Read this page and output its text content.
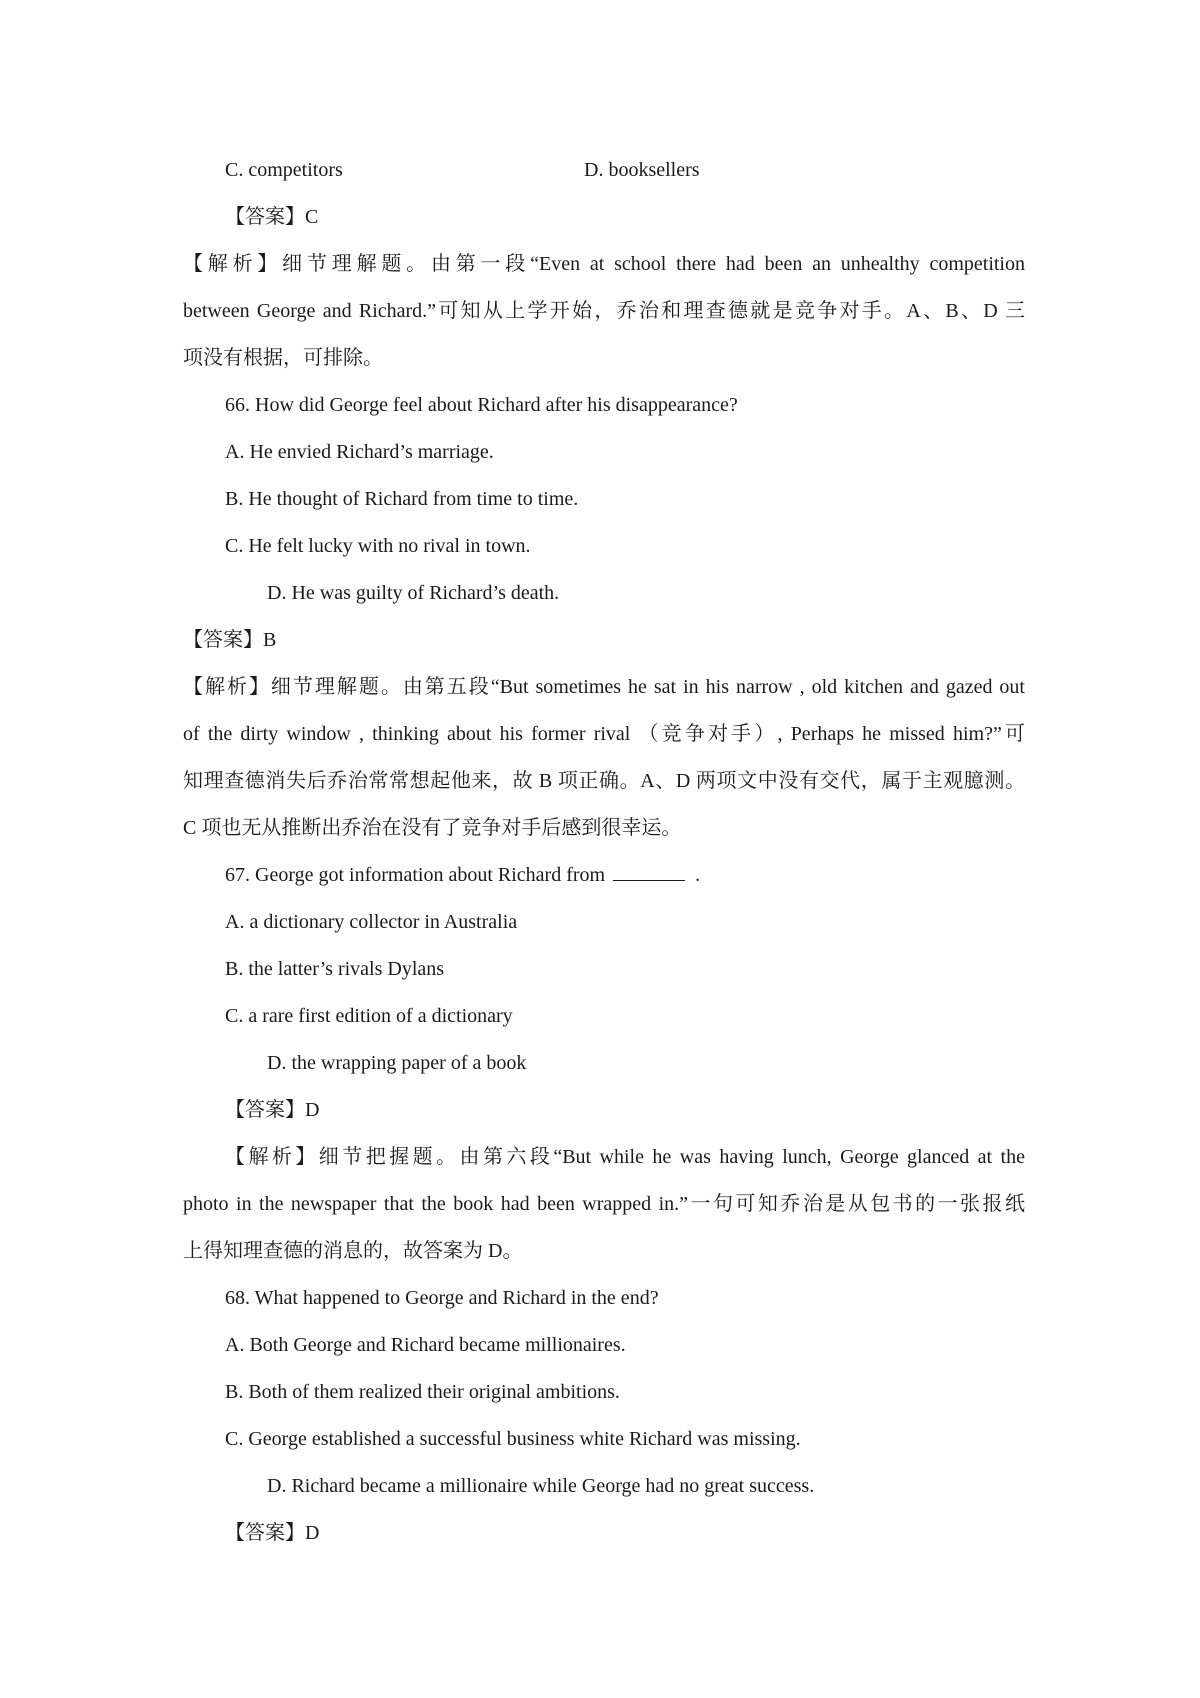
C. competitors	D. booksellers
【答案】C
【解析】细节理解题。由第一段“Even at school there had been an unhealthy competition
between George and Richard.”可知从上学开始，乔治和理查德就是竞争对手。A、B、D 三
项没有根据，可排除。
66. How did George feel about Richard after his disappearance?
A. He envied Richard’s marriage.
B. He thought of Richard from time to time.
C. He felt lucky with no rival in town.
D. He was guilty of Richard’s death.
【答案】B
【解析】细节理解题。由第五段“But sometimes he sat in his narrow , old kitchen and gazed out
of the dirty window , thinking about his former rival （竞争对手）, Perhaps he missed him?”可
知理查德消失后乔治常常想起他来，故 B 项正确。A、D 两项文中没有交代，属于主观臆测。
C 项也无从推断出乔治在没有了竞争对手后感到很幸运。
67. George got information about Richard from	.
A. a dictionary collector in Australia
B. the latter’s rivals Dylans
C. a rare first edition of a dictionary
D. the wrapping paper of a book
【答案】D
【解析】细节把握题。由第六段“But while he was having lunch, George glanced at the
photo in the newspaper that the book had been wrapped in.”一句可知乔治是从包书的一张报纸
上得知理查德的消息的，故答案为 D。
68. What happened to George and Richard in the end?
A. Both George and Richard became millionaires.
B. Both of them realized their original ambitions.
C. George established a successful business white Richard was missing.
D. Richard became a millionaire while George had no great success.
【答案】D
